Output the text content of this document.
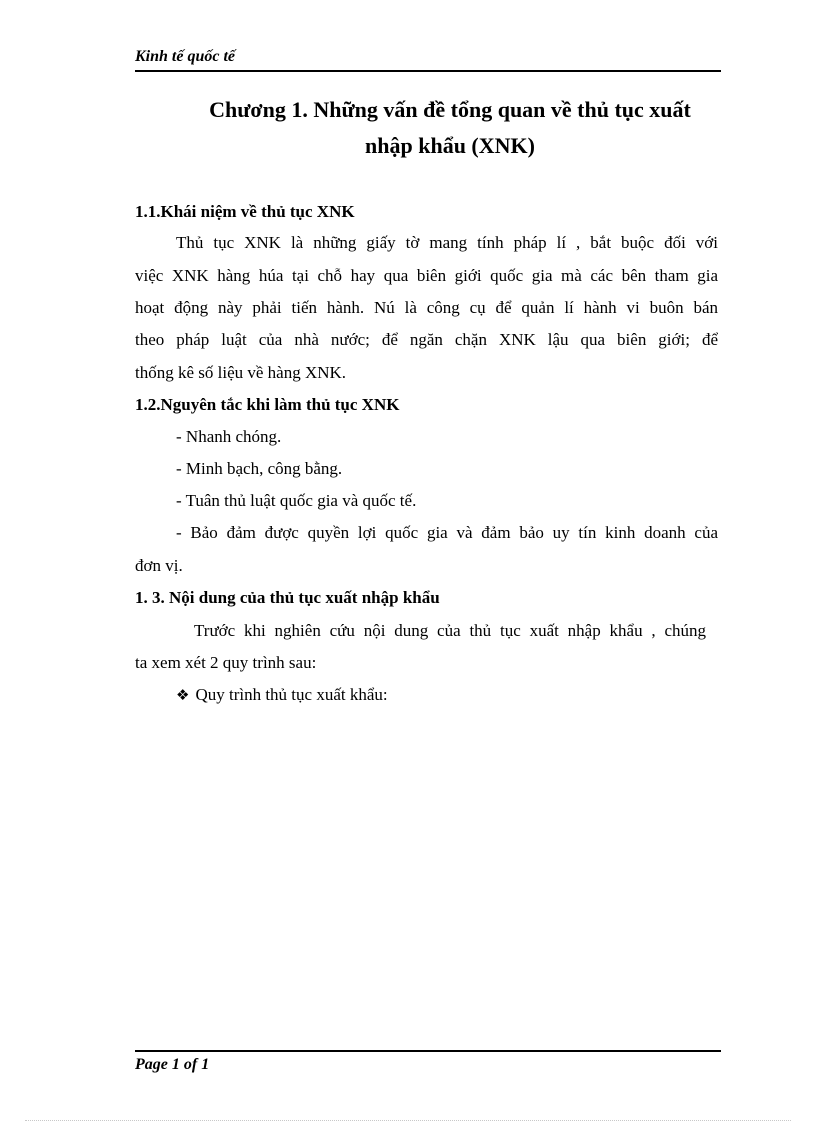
Kinh tế quốc tế
Chương 1. Những vấn đề tổng quan về thủ tục xuất
nhập khẩu (XNK)
1.1.Khái niệm về thủ tục XNK
Thủ tục XNK là những giấy tờ mang tính pháp lí , bắt buộc đối với
việc XNK hàng húa tại chỗ hay qua biên giới quốc gia mà các bên tham gia
hoạt động này phải tiến hành. Nú là công cụ để quản lí hành vi buôn bán
theo pháp luật của nhà nước; để ngăn chặn XNK lậu qua biên giới; để
thống kê số liệu về hàng XNK.
1.2.Nguyên tắc khi làm thủ tục XNK
- Nhanh chóng.
- Minh bạch, công bằng.
- Tuân thủ luật quốc gia và quốc tế.
- Bảo đảm được quyền lợi quốc gia và đảm bảo uy tín kinh doanh của
đơn vị.
1. 3. Nội dung của thủ tục xuất nhập khẩu
Trước khi nghiên cứu nội dung của thủ tục xuất nhập khẩu , chúng
ta xem xét 2 quy trình sau:
❖ Quy trình thủ tục xuất khẩu:
Page 1 of 1
